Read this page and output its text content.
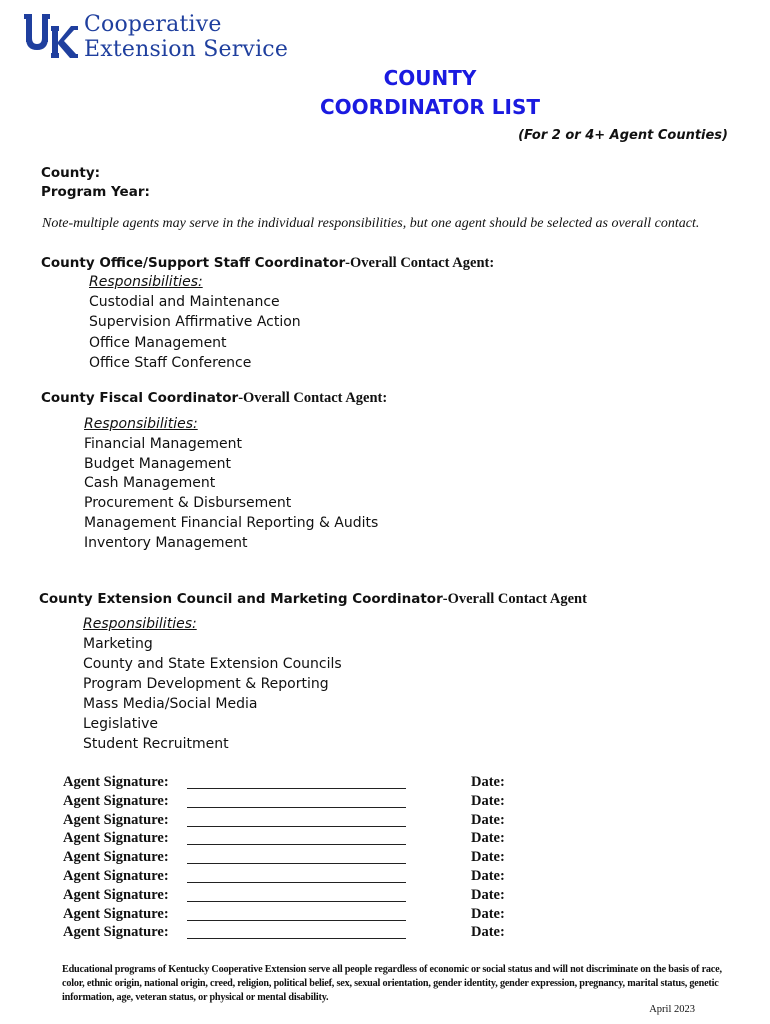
Cooperative
Extension Service
COUNTY
COORDINATOR LIST
(For 2 or 4+ Agent Counties)
County:
Program Year:
Note-multiple agents may serve in the individual responsibilities, but one agent should be selected as overall contact.
County Office/Support Staff Coordinator-Overall Contact Agent:
Responsibilities:
Custodial and Maintenance
Supervision Affirmative Action
Office Management
Office Staff Conference
County Fiscal Coordinator-Overall Contact Agent:
Responsibilities:
Financial Management
Budget Management
Cash Management
Procurement & Disbursement
Management Financial Reporting & Audits
Inventory Management
County Extension Council and Marketing Coordinator-Overall Contact Agent
Responsibilities:
Marketing
County and State Extension Councils
Program Development & Reporting
Mass Media/Social Media
Legislative
Student Recruitment
Agent Signature:	Date:
Agent Signature:	Date:
Agent Signature:	Date:
Agent Signature:	Date:
Agent Signature:	Date:
Agent Signature:	Date:
Agent Signature:	Date:
Agent Signature:	Date:
Agent Signature:	Date:
Educational programs of Kentucky Cooperative Extension serve all people regardless of economic or social status and will not discriminate on the basis of race, color, ethnic origin, national origin, creed, religion, political belief, sex, sexual orientation, gender identity, gender expression, pregnancy, marital status, genetic information, age, veteran status, or physical or mental disability.
April 2023
